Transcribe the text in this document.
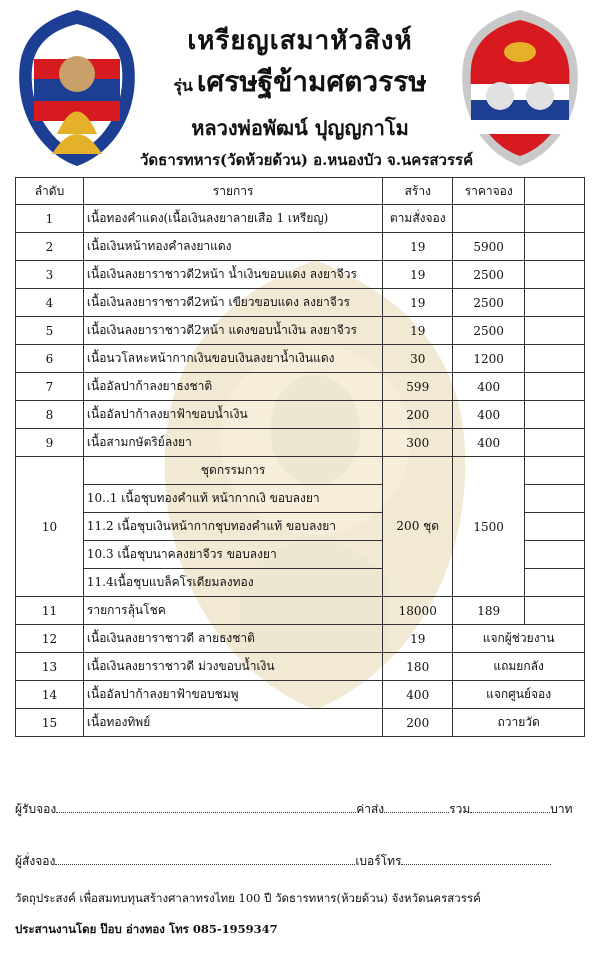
เหรียญเสมาหัวสิงห์
รุ่น เศรษฐีข้ามศตวรรษ
หลวงพ่อพัฒน์ ปุญญกาโม
วัดธารทหาร(วัดห้วยด้วน) อ.หนองบัว จ.นครสวรรค์
ลำดับ	รายการ	สร้าง	ราคาจอง	
1	เนื้อทองคำแดง(เนื้อเงินลงยาลายเสือ 1 เหรียญ)	ตามสั่งจอง		
2	เนื้อเงินหน้าทองคำลงยาแดง	19	5900	
3	เนื้อเงินลงยาราชาวดี2หน้า น้ำเงินขอบแดง ลงยาจีวร	19	2500	
4	เนื้อเงินลงยาราชาวดี2หน้า เขียวขอบแดง ลงยาจีวร	19	2500	
5	เนื้อเงินลงยาราชาวดี2หน้า แดงขอบน้ำเงิน ลงยาจีวร	19	2500	
6	เนื้อนวโลหะหน้ากากเงินขอบเงินลงยาน้ำเงินแดง	30	1200	
7	เนื้ออัลปาก้าลงยาธงชาติ	599	400	
8	เนื้ออัลปาก้าลงยาฟ้าขอบน้ำเงิน	200	400	
9	เนื้อสามกษัตริย์ลงยา	300	400	
10	ชุดกรรมการ	200 ชุด	1500	
	10..1 เนื้อชุบทองคำแท้ หน้ากากเงิ ขอบลงยา			
	11.2 เนื้อชุบเงินหน้ากากชุบทองคำแท้ ขอบลงยา			
	10.3 เนื้อชุบนาคลงยาจีวร ขอบลงยา			
	11.4เนื้อชุบแบล็คโรเดียมลงทอง			
11	รายการลุ้นโชค	18000	189	
12	เนื้อเงินลงยาราชาวดี ลายธงชาติ	19	แจกผู้ช่วยงาน	
13	เนื้อเงินลงยาราชาวดี ม่วงขอบน้ำเงิน	180	แถมยกลัง	
14	เนื้ออัลปาก้าลงยาฟ้าขอบชมพู	400	แจกศูนย์จอง	
15	เนื้อทองทิพย์	200	ถวายวัด	
ผู้รับจอง	ค่าส่ง	รวม	บาท
ผู้สั่งจอง	เบอร์โทร
วัตถุประสงค์ เพื่อสมทบทุนสร้างศาลาทรงไทย 100 ปี วัดธารทหาร(ห้วยด้วน) จังหวัดนครสวรรค์
ประสานงานโดย ป๊อบ อ่างทอง โทร 085-1959347
